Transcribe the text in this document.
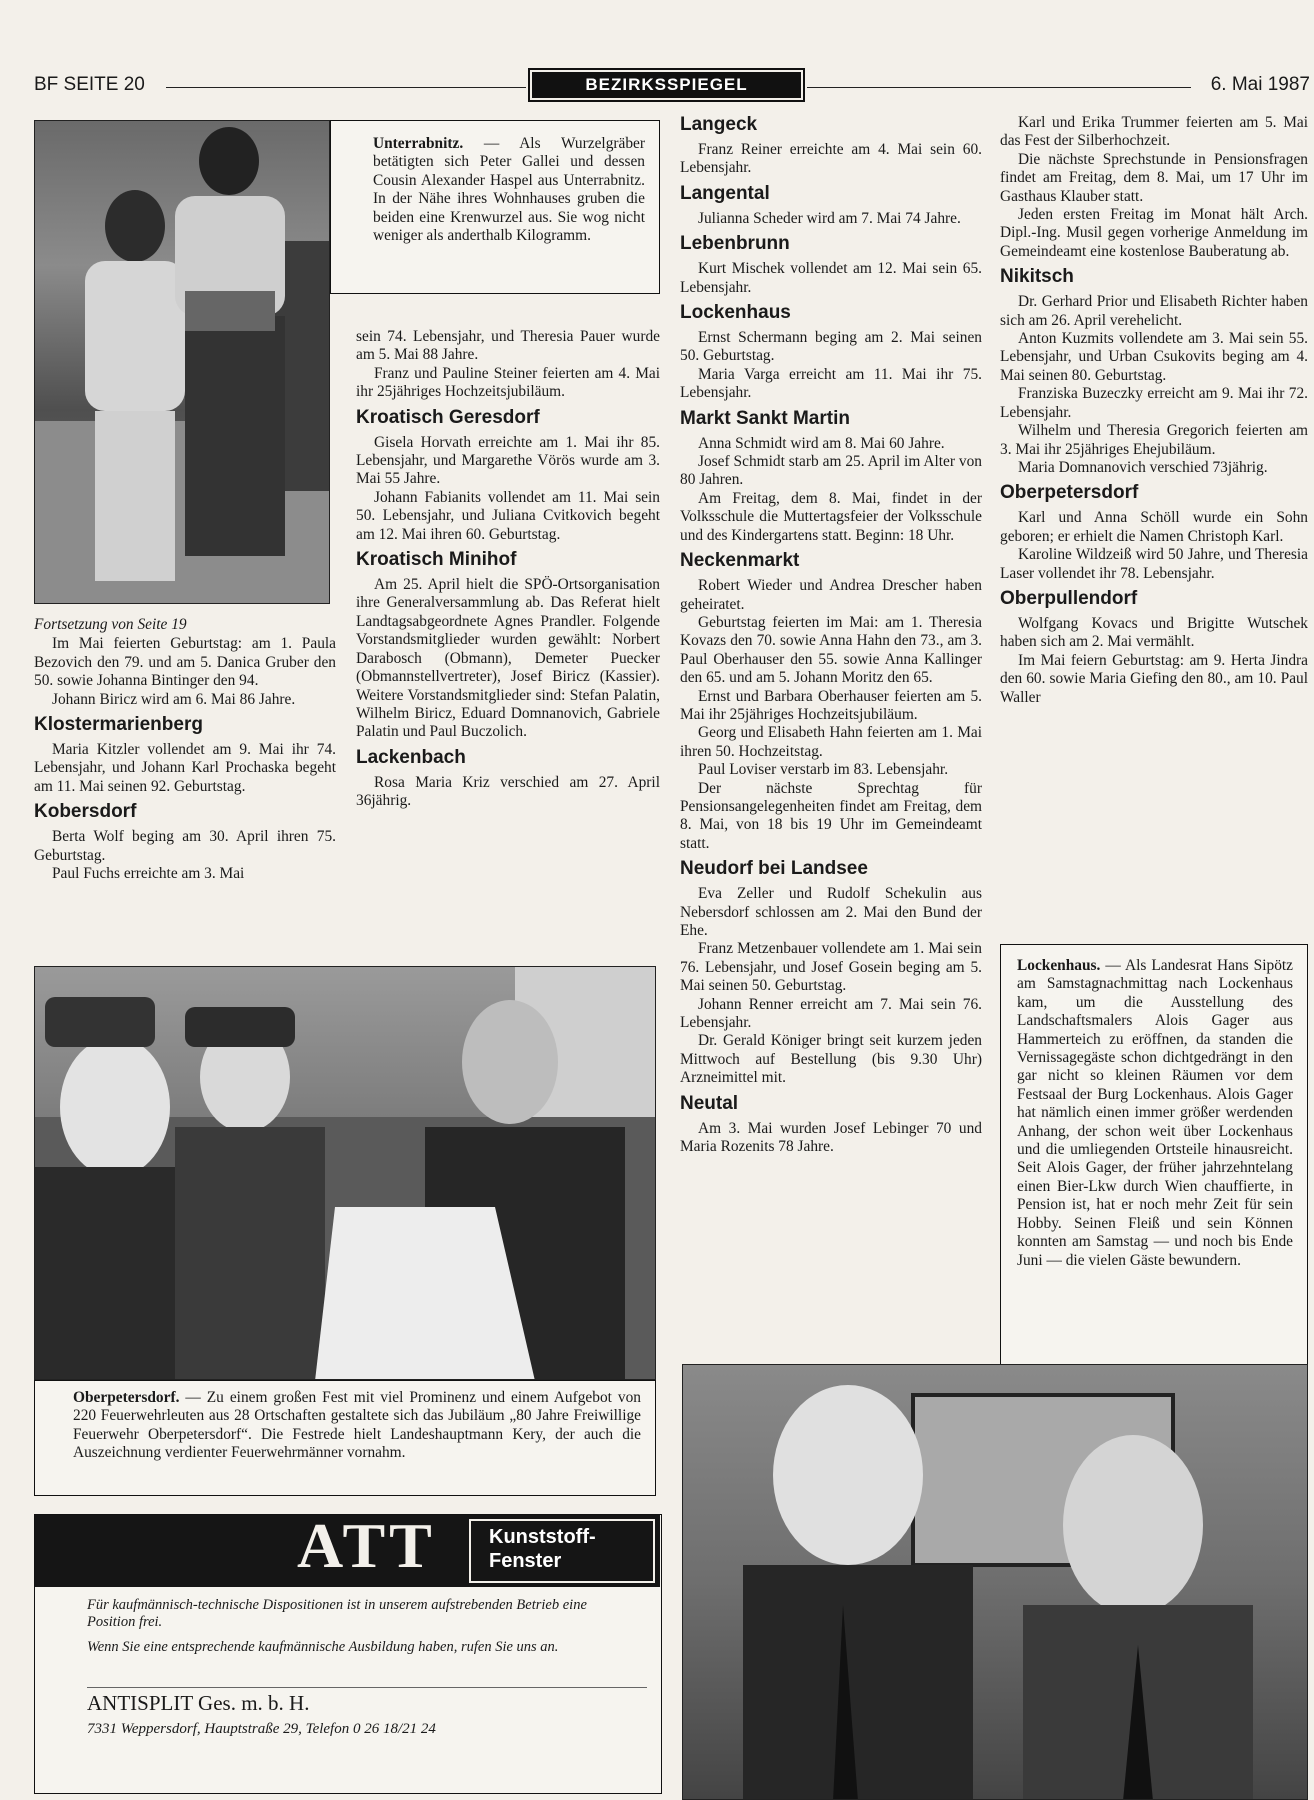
BF SEITE 20	BEZIRKSSPIEGEL	6. Mai 1987
Unterrabnitz. — Als Wurzelgräber betätigten sich Peter Gallei und dessen Cousin Alexander Haspel aus Unterrabnitz. In der Nähe ihres Wohnhauses gruben die beiden eine Krenwurzel aus. Sie wog nicht weniger als anderthalb Kilogramm.

Fortsetzung von Seite 19

Im Mai feierten Geburtstag: am 1. Paula Bezovich den 79. und am 5. Danica Gruber den 50. sowie Johanna Bintinger den 94.

Johann Biricz wird am 6. Mai 86 Jahre.

Klostermarienberg

Maria Kitzler vollendet am 9. Mai ihr 74. Lebensjahr, und Johann Karl Prochaska begeht am 11. Mai seinen 92. Geburtstag.

Kobersdorf

Berta Wolf beging am 30. April ihren 75. Geburtstag.

Paul Fuchs erreichte am 3. Mai

sein 74. Lebensjahr, und Theresia Pauer wurde am 5. Mai 88 Jahre.

Franz und Pauline Steiner feierten am 4. Mai ihr 25jähriges Hochzeitsjubiläum.

Kroatisch Geresdorf

Gisela Horvath erreichte am 1. Mai ihr 85. Lebensjahr, und Margarethe Vörös wurde am 3. Mai 55 Jahre.

Johann Fabianits vollendet am 11. Mai sein 50. Lebensjahr, und Juliana Cvitkovich begeht am 12. Mai ihren 60. Geburtstag.

Kroatisch Minihof

Am 25. April hielt die SPÖ-Ortsorganisation ihre Generalversammlung ab. Das Referat hielt Landtagsabgeordnete Agnes Prandler. Folgende Vorstandsmitglieder wurden gewählt: Norbert Darabosch (Obmann), Demeter Puecker (Obmannstellvertreter), Josef Biricz (Kassier). Weitere Vorstandsmitglieder sind: Stefan Palatin, Wilhelm Biricz, Eduard Domnanovich, Gabriele Palatin und Paul Buczolich.

Lackenbach

Rosa Maria Kriz verschied am 27. April 36jährig.

Langeck

Franz Reiner erreichte am 4. Mai sein 60. Lebensjahr.

Langental

Julianna Scheder wird am 7. Mai 74 Jahre.

Lebenbrunn

Kurt Mischek vollendet am 12. Mai sein 65. Lebensjahr.

Lockenhaus

Ernst Schermann beging am 2. Mai seinen 50. Geburtstag.

Maria Varga erreicht am 11. Mai ihr 75. Lebensjahr.

Markt Sankt Martin

Anna Schmidt wird am 8. Mai 60 Jahre.

Josef Schmidt starb am 25. April im Alter von 80 Jahren.

Am Freitag, dem 8. Mai, findet in der Volksschule die Muttertagsfeier der Volksschule und des Kindergartens statt. Beginn: 18 Uhr.

Neckenmarkt

Robert Wieder und Andrea Drescher haben geheiratet.

Geburtstag feierten im Mai: am 1. Theresia Kovazs den 70. sowie Anna Hahn den 73., am 3. Paul Oberhauser den 55. sowie Anna Kallinger den 65. und am 5. Johann Moritz den 65.

Ernst und Barbara Oberhauser feierten am 5. Mai ihr 25jähriges Hochzeitsjubiläum.

Georg und Elisabeth Hahn feierten am 1. Mai ihren 50. Hochzeitstag.

Paul Loviser verstarb im 83. Lebensjahr.

Der nächste Sprechtag für Pensionsangelegenheiten findet am Freitag, dem 8. Mai, von 18 bis 19 Uhr im Gemeindeamt statt.

Neudorf bei Landsee

Eva Zeller und Rudolf Schekulin aus Nebersdorf schlossen am 2. Mai den Bund der Ehe.

Franz Metzenbauer vollendete am 1. Mai sein 76. Lebensjahr, und Josef Gosein beging am 5. Mai seinen 50. Geburtstag.

Johann Renner erreicht am 7. Mai sein 76. Lebensjahr.

Dr. Gerald Königer bringt seit kurzem jeden Mittwoch auf Bestellung (bis 9.30 Uhr) Arzneimittel mit.

Neutal

Am 3. Mai wurden Josef Lebinger 70 und Maria Rozenits 78 Jahre.

Karl und Erika Trummer feierten am 5. Mai das Fest der Silberhochzeit.

Die nächste Sprechstunde in Pensionsfragen findet am Freitag, dem 8. Mai, um 17 Uhr im Gasthaus Klauber statt.

Jeden ersten Freitag im Monat hält Arch. Dipl.-Ing. Musil gegen vorherige Anmeldung im Gemeindeamt eine kostenlose Bauberatung ab.

Nikitsch

Dr. Gerhard Prior und Elisabeth Richter haben sich am 26. April verehelicht.

Anton Kuzmits vollendete am 3. Mai sein 55. Lebensjahr, und Urban Csukovits beging am 4. Mai seinen 80. Geburtstag.

Franziska Buzeczky erreicht am 9. Mai ihr 72. Lebensjahr.

Wilhelm und Theresia Gregorich feierten am 3. Mai ihr 25jähriges Ehejubiläum.

Maria Domnanovich verschied 73jährig.

Oberpetersdorf

Karl und Anna Schöll wurde ein Sohn geboren; er erhielt die Namen Christoph Karl.

Karoline Wildzeiß wird 50 Jahre, und Theresia Laser vollendet ihr 78. Lebensjahr.

Oberpullendorf

Wolfgang Kovacs und Brigitte Wutschek haben sich am 2. Mai vermählt.

Im Mai feiern Geburtstag: am 9. Herta Jindra den 60. sowie Maria Giefing den 80., am 10. Paul Waller

Lockenhaus. — Als Landesrat Hans Sipötz am Samstagnachmittag nach Lockenhaus kam, um die Ausstellung des Landschaftsmalers Alois Gager aus Hammerteich zu eröffnen, da standen die Vernissagegäste schon dichtgedrängt in den gar nicht so kleinen Räumen vor dem Festsaal der Burg Lockenhaus. Alois Gager hat nämlich einen immer größer werdenden Anhang, der schon weit über Lockenhaus und die umliegenden Ortsteile hinausreicht. Seit Alois Gager, der früher jahrzehntelang einen Bier-Lkw durch Wien chauffierte, in Pension ist, hat er noch mehr Zeit für sein Hobby. Seinen Fleiß und sein Können konnten am Samstag — und noch bis Ende Juni — die vielen Gäste bewundern.
Oberpetersdorf. — Zu einem großen Fest mit viel Prominenz und einem Aufgebot von 220 Feuerwehrleuten aus 28 Ortschaften gestaltete sich das Jubiläum „80 Jahre Freiwillige Feuerwehr Oberpetersdorf“. Die Festrede hielt Landeshauptmann Kery, der auch die Auszeichnung verdienter Feuerwehrmänner vornahm.
ATT	Kunststoff-
Fenster
Für kaufmännisch-technische Dispositionen ist in unserem aufstrebenden Betrieb eine Position frei.
Wenn Sie eine entsprechende kaufmännische Ausbildung haben, rufen Sie uns an.
ANTISPLIT Ges. m. b. H.
7331 Weppersdorf, Hauptstraße 29, Telefon 0 26 18/21 24
